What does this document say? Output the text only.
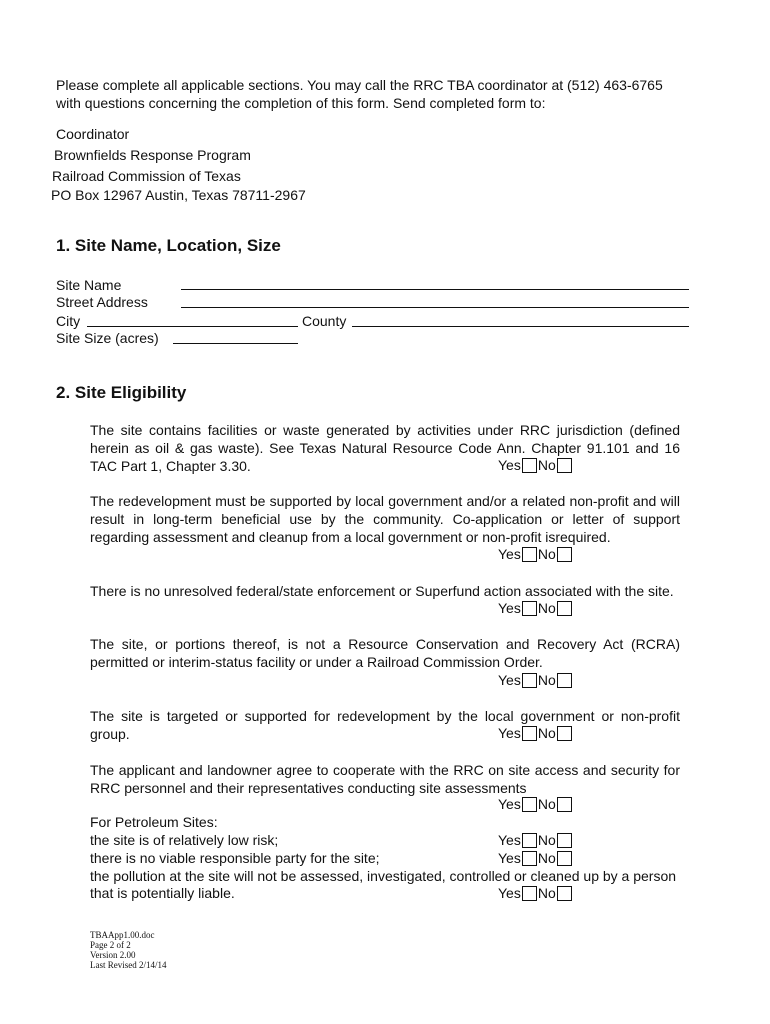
Please complete all applicable sections. You may call the RRC TBA coordinator at (512) 463-6765
with questions concerning the completion of this form. Send completed form to:
Coordinator
Brownfields Response Program
Railroad Commission of Texas
PO Box 12967 Austin, Texas 78711-2967
1. Site Name, Location, Size
Site Name
Street Address
City	County
Site Size (acres)
2. Site Eligibility
The site contains facilities or waste generated by activities under RRC jurisdiction (defined herein as oil & gas waste). See Texas Natural Resource Code Ann. Chapter 91.101 and 16 TAC Part 1, Chapter 3.30.	Yes No
The redevelopment must be supported by local government and/or a related non-profit and will result in long-term beneficial use by the community. Co-application or letter of support regarding assessment and cleanup from a local government or non-profit isrequired.
Yes No
There is no unresolved federal/state enforcement or Superfund action associated with the site.
Yes No
The site, or portions thereof, is not a Resource Conservation and Recovery Act (RCRA) permitted or interim-status facility or under a Railroad Commission Order.
Yes No
The site is targeted or supported for redevelopment by the local government or non-profit group.	Yes No
The applicant and landowner agree to cooperate with the RRC on site access and security for RRC personnel and their representatives conducting site assessments
Yes No
For Petroleum Sites:
the site is of relatively low risk;	Yes No
there is no viable responsible party for the site;	Yes No
the pollution at the site will not be assessed, investigated, controlled or cleaned up by a person
that is potentially liable.	Yes No
TBAApp1.00.doc
Page 2 of 2
Version 2.00
Last Revised 2/14/14
